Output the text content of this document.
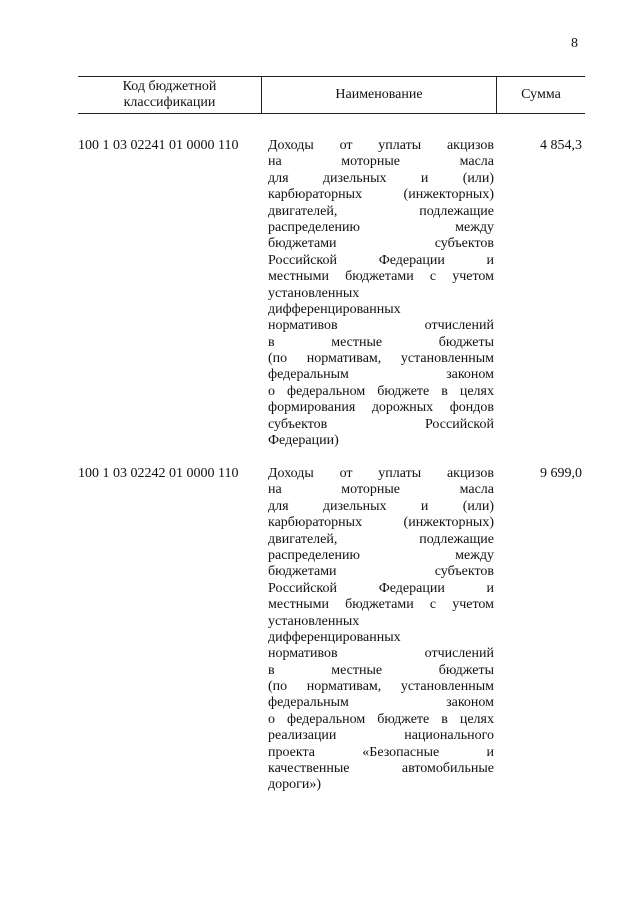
8
Код бюджетной
классификации
Наименование	Сумма
100 1 03 02241 01 0000 110 Доходы от уплаты акцизов
на моторные масла
для дизельных и (или)
карбюраторных (инжекторных)
двигателей, подлежащие
распределению между
бюджетами субъектов
Российской Федерации и
местными бюджетами с учетом
установленных
дифференцированных
нормативов отчислений
в местные бюджеты
(по нормативам, установленным
федеральным законом
о федеральном бюджете в целях
формирования дорожных фондов
субъектов Российской
Федерации)
4 854,3
100 1 03 02242 01 0000 110 Доходы от уплаты акцизов
на моторные масла
для дизельных и (или)
карбюраторных (инжекторных)
двигателей, подлежащие
распределению между
бюджетами субъектов
Российской Федерации и
местными бюджетами с учетом
установленных
дифференцированных
нормативов отчислений
в местные бюджеты
(по нормативам, установленным
федеральным законом
о федеральном бюджете в целях
реализации национального
проекта «Безопасные и
качественные автомобильные
дороги»)
9 699,0
